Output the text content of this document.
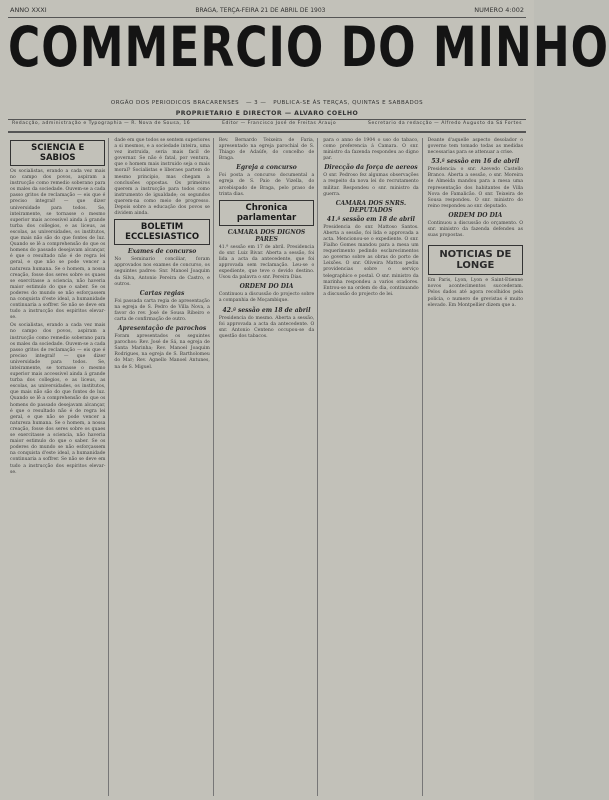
ANNO XXXI	BRAGA, TERÇA-FEIRA 21 DE ABRIL DE 1903	NUMERO 4:002
COMMERCIO DO MINHO
ORGÃO DOS PERIODICOS BRACARENSES — 3 — PUBLICA-SE ÁS TERÇAS, QUINTAS E SABBADOS
PROPRIETARIO E DIRECTOR — ALVARO COELHO
Redacção, administração e Typographia — R. Nova de Sousa, 16	Editor — Francisco José de Freitas Araujo	Secretario da redacção — Alfredo Augusto da Sá Fortes
SCIENCIA E SABIOS

Os socialistas, erando a cada vez mais no campo dos povos, aspiram a instrucção como remedio soberano para os males da sociedade. Ouvem-se a cada passo gritos de reclamação — eis que é preciso integral! — que dizer universidade para todos. Se, inteiramente, se tornasse o mesmo superior mais accessivel ainda á grande turba dos collegios, e as liceus, as escolas, as universidades, os institutos, que mais não são do que fontes de luz. Quando se lê a comprehensão do que os homens do passado desejavam alcançar, é que o resultado não é de regra lei geral, e que não se pode vencer a natureza humana. Se o homem, a nossa creação, fosse dos seres sobre os quaes se exercitasse a sciencia, não haveria maior estimulo do que o saber. Se os poderes do mundo se não esforçassem na conquista d'este ideal, a humanidade continuaria a soffrer. Se não se deve em tudo a instrucção dos espiritos elevar-se.

Os socialistas, erando a cada vez mais no campo dos povos, aspiram a instrucção como remedio soberano para os males da sociedade. Ouvem-se a cada passo gritos de reclamação — eis que é preciso integral! — que dizer universidade para todos. Se, inteiramente, se tornasse o mesmo superior mais accessivel ainda á grande turba dos collegios, e as liceus, as escolas, as universidades, os institutos, que mais não são do que fontes de luz. Quando se lê a comprehensão do que os homens do passado desejavam alcançar, é que o resultado não é de regra lei geral, e que não se pode vencer a natureza humana. Se o homem, a nossa creação, fosse dos seres sobre os quaes se exercitasse a sciencia, não haveria maior estimulo do que o saber. Se os poderes do mundo se não esforçassem na conquista d'este ideal, a humanidade continuaria a soffrer. Se não se deve em tudo a instrucção dos espiritos elevar-se.

dade em que todos se sentem superiores a si mesmos, e a sociedade inteira, uma vez instruida, seria mais facil de governar. Se não é fatal, por ventura, que o homem mais instruido seja o mais moral? Socialistas e liberaes partem do mesmo principio, mas chegam a conclusões oppostas. Os primeiros querem a instrucção para todos como instrumento de igualdade; os segundos querem-na como meio de progresso. Depois sobre a educação dos povos se dividem ainda.

BOLETIM ECCLESIASTICO
Exames de concurso

No Seminario conciliar, foram approvados nos exames de concurso, os seguintes padres: Snr. Manoel Joaquim da Silva, Antonio Pereira de Castro, e outros.

Cartas regias

Foi passada carta regia de apresentação na egreja de S. Pedro de Villa Nova, a favor do rev. José de Sousa Ribeiro e carta de confirmação de outro.

Apresentação de parochos

Foram apresentados os seguintes parochos: Rev. José de Sá, na egreja de Santa Marinha; Rev. Manoel Joaquim Rodrigues, na egreja de S. Bartholomeu do Mar; Rev. Agnello Manoel Antunes, na de S. Miguel.

Rev. Bernardo Teixeira de Faria, apresentado na egreja parochial de S. Thiago de Adaúfe, do concelho de Braga.

Egreja a concurso

Foi posta a concurso documental a egreja de S. Paio de Vizella, do arcebispado de Braga, pelo praso de trinta dias.

Chronica parlamentar
CAMARA DOS DIGNOS PARES

41.ª sessão em 17 de abril. Presidencia do snr. Luiz Bivar. Aberta a sessão, foi lida a acta da antecedente, que foi approvada sem reclamação. Leu-se o expediente, que teve o devido destino. Usou da palavra o snr. Pereira Dias.

ORDEM DO DIA

Continuou a discussão do projecto sobre a companhia de Moçambique.

42.ª sessão em 18 de abril

Presidencia do mesmo. Aberta a sessão, foi approvada a acta da antecedente. O snr. Antonio Centeno occupou-se da questão dos tabacos.

para o anno de 1904 o uso do tabaco, como preferencia á Camara. O snr. ministro da fazenda respondeu ao digno par.

Direcção da força de aereos

O snr. Pedroso fez algumas observações a respeito da nova lei do recrutamento militar. Respondeu o snr. ministro da guerra.

CAMARA DOS SNRS. DEPUTADOS
41.ª sessão em 18 de abril

Presidencia do snr. Mattoso Santos. Aberta a sessão, foi lida e approvada a acta. Mencionou-se o expediente. O snr. Fialho Gomes mandou para a mesa um requerimento pedindo esclarecimentos ao governo sobre as obras do porto de Leixões. O snr. Oliveira Mattos pediu providencias sobre o serviço telegraphico e postal. O snr. ministro da marinha respondeu a varios oradores. Entrou-se na ordem do dia, continuando a discussão do projecto de lei.

Deante d'aquelle aspecto desolador o governo tem tomado todas as medidas necessarias para se attenuar a crise.

53.ª sessão em 16 de abril

Presidencia: o snr. Azevedo Castello Branco. Aberta a sessão, o snr. Moreira de Almeida mandou para a mesa uma representação dos habitantes de Villa Nova de Famalicão. O snr. Teixeira de Sousa respondeu. O snr. ministro do reino respondeu ao snr. deputado.

ORDEM DO DIA

Continuou a discussão do orçamento. O snr. ministro da fazenda defendeu as suas propostas.

NOTICIAS DE LONGE

Em Paris, Lyon, Lyon e Saint-Etienne novos acontecimentos succederam. Pelos dados até agora recolhidos pela policia, o numero de grevistas é muito elevado. Em Montpellier dizem que a.
